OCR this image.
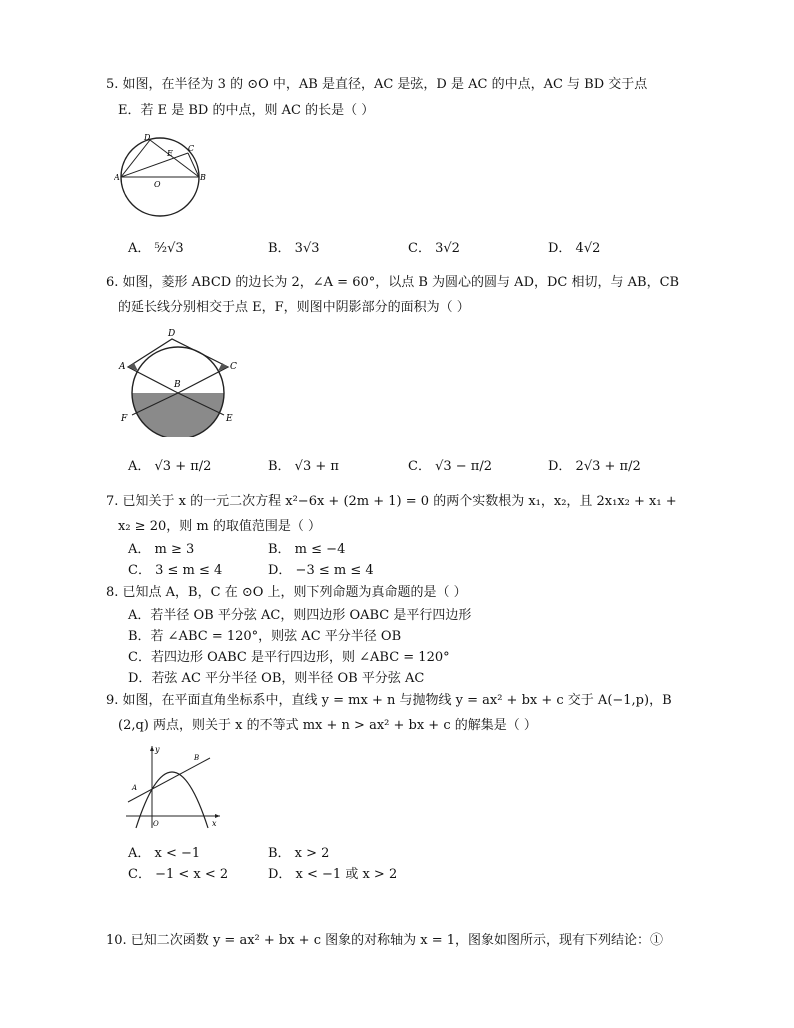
5. 如图，在半径为 3 的 ⊙O 中，AB 是直径，AC 是弦，D 是 AC 的中点，AC 与 BD 交于点
E．若 E 是 BD 的中点，则 AC 的长是（ ）
D
E
C
A	B
O
A． ⁵⁄₂√3	B． 3√3	C． 3√2	D． 4√2
6. 如图，菱形 ABCD 的边长为 2，∠A = 60°，以点 B 为圆心的圆与 AD，DC 相切，与 AB，CB
的延长线分别相交于点 E，F，则图中阴影部分的面积为（ ）
D
A	C
B
F	E
A． √3 + π/2	B． √3 + π	C． √3 − π/2	D． 2√3 + π/2
7. 已知关于 x 的一元二次方程 x²−6x + (2m + 1) = 0 的两个实数根为 x₁，x₂，且 2x₁x₂ + x₁ +
x₂ ≥ 20，则 m 的取值范围是（ ）
A． m ≥ 3	B． m ≤ −4
C． 3 ≤ m ≤ 4	D． −3 ≤ m ≤ 4
8. 已知点 A，B，C 在 ⊙O 上，则下列命题为真命题的是（ ）
A．若半径 OB 平分弦 AC，则四边形 OABC 是平行四边形
B．若 ∠ABC = 120°，则弦 AC 平分半径 OB
C．若四边形 OABC 是平行四边形，则 ∠ABC = 120°
D．若弦 AC 平分半径 OB，则半径 OB 平分弦 AC
9. 如图，在平面直角坐标系中，直线 y = mx + n 与抛物线 y = ax² + bx + c 交于 A(−1,p)，B
(2,q) 两点，则关于 x 的不等式 mx + n > ax² + bx + c 的解集是（ ）
y
x
O
A
B
A． x < −1	B． x > 2
C． −1 < x < 2	D． x < −1 或 x > 2
10. 已知二次函数 y = ax² + bx + c 图象的对称轴为 x = 1，图象如图所示，现有下列结论：①
